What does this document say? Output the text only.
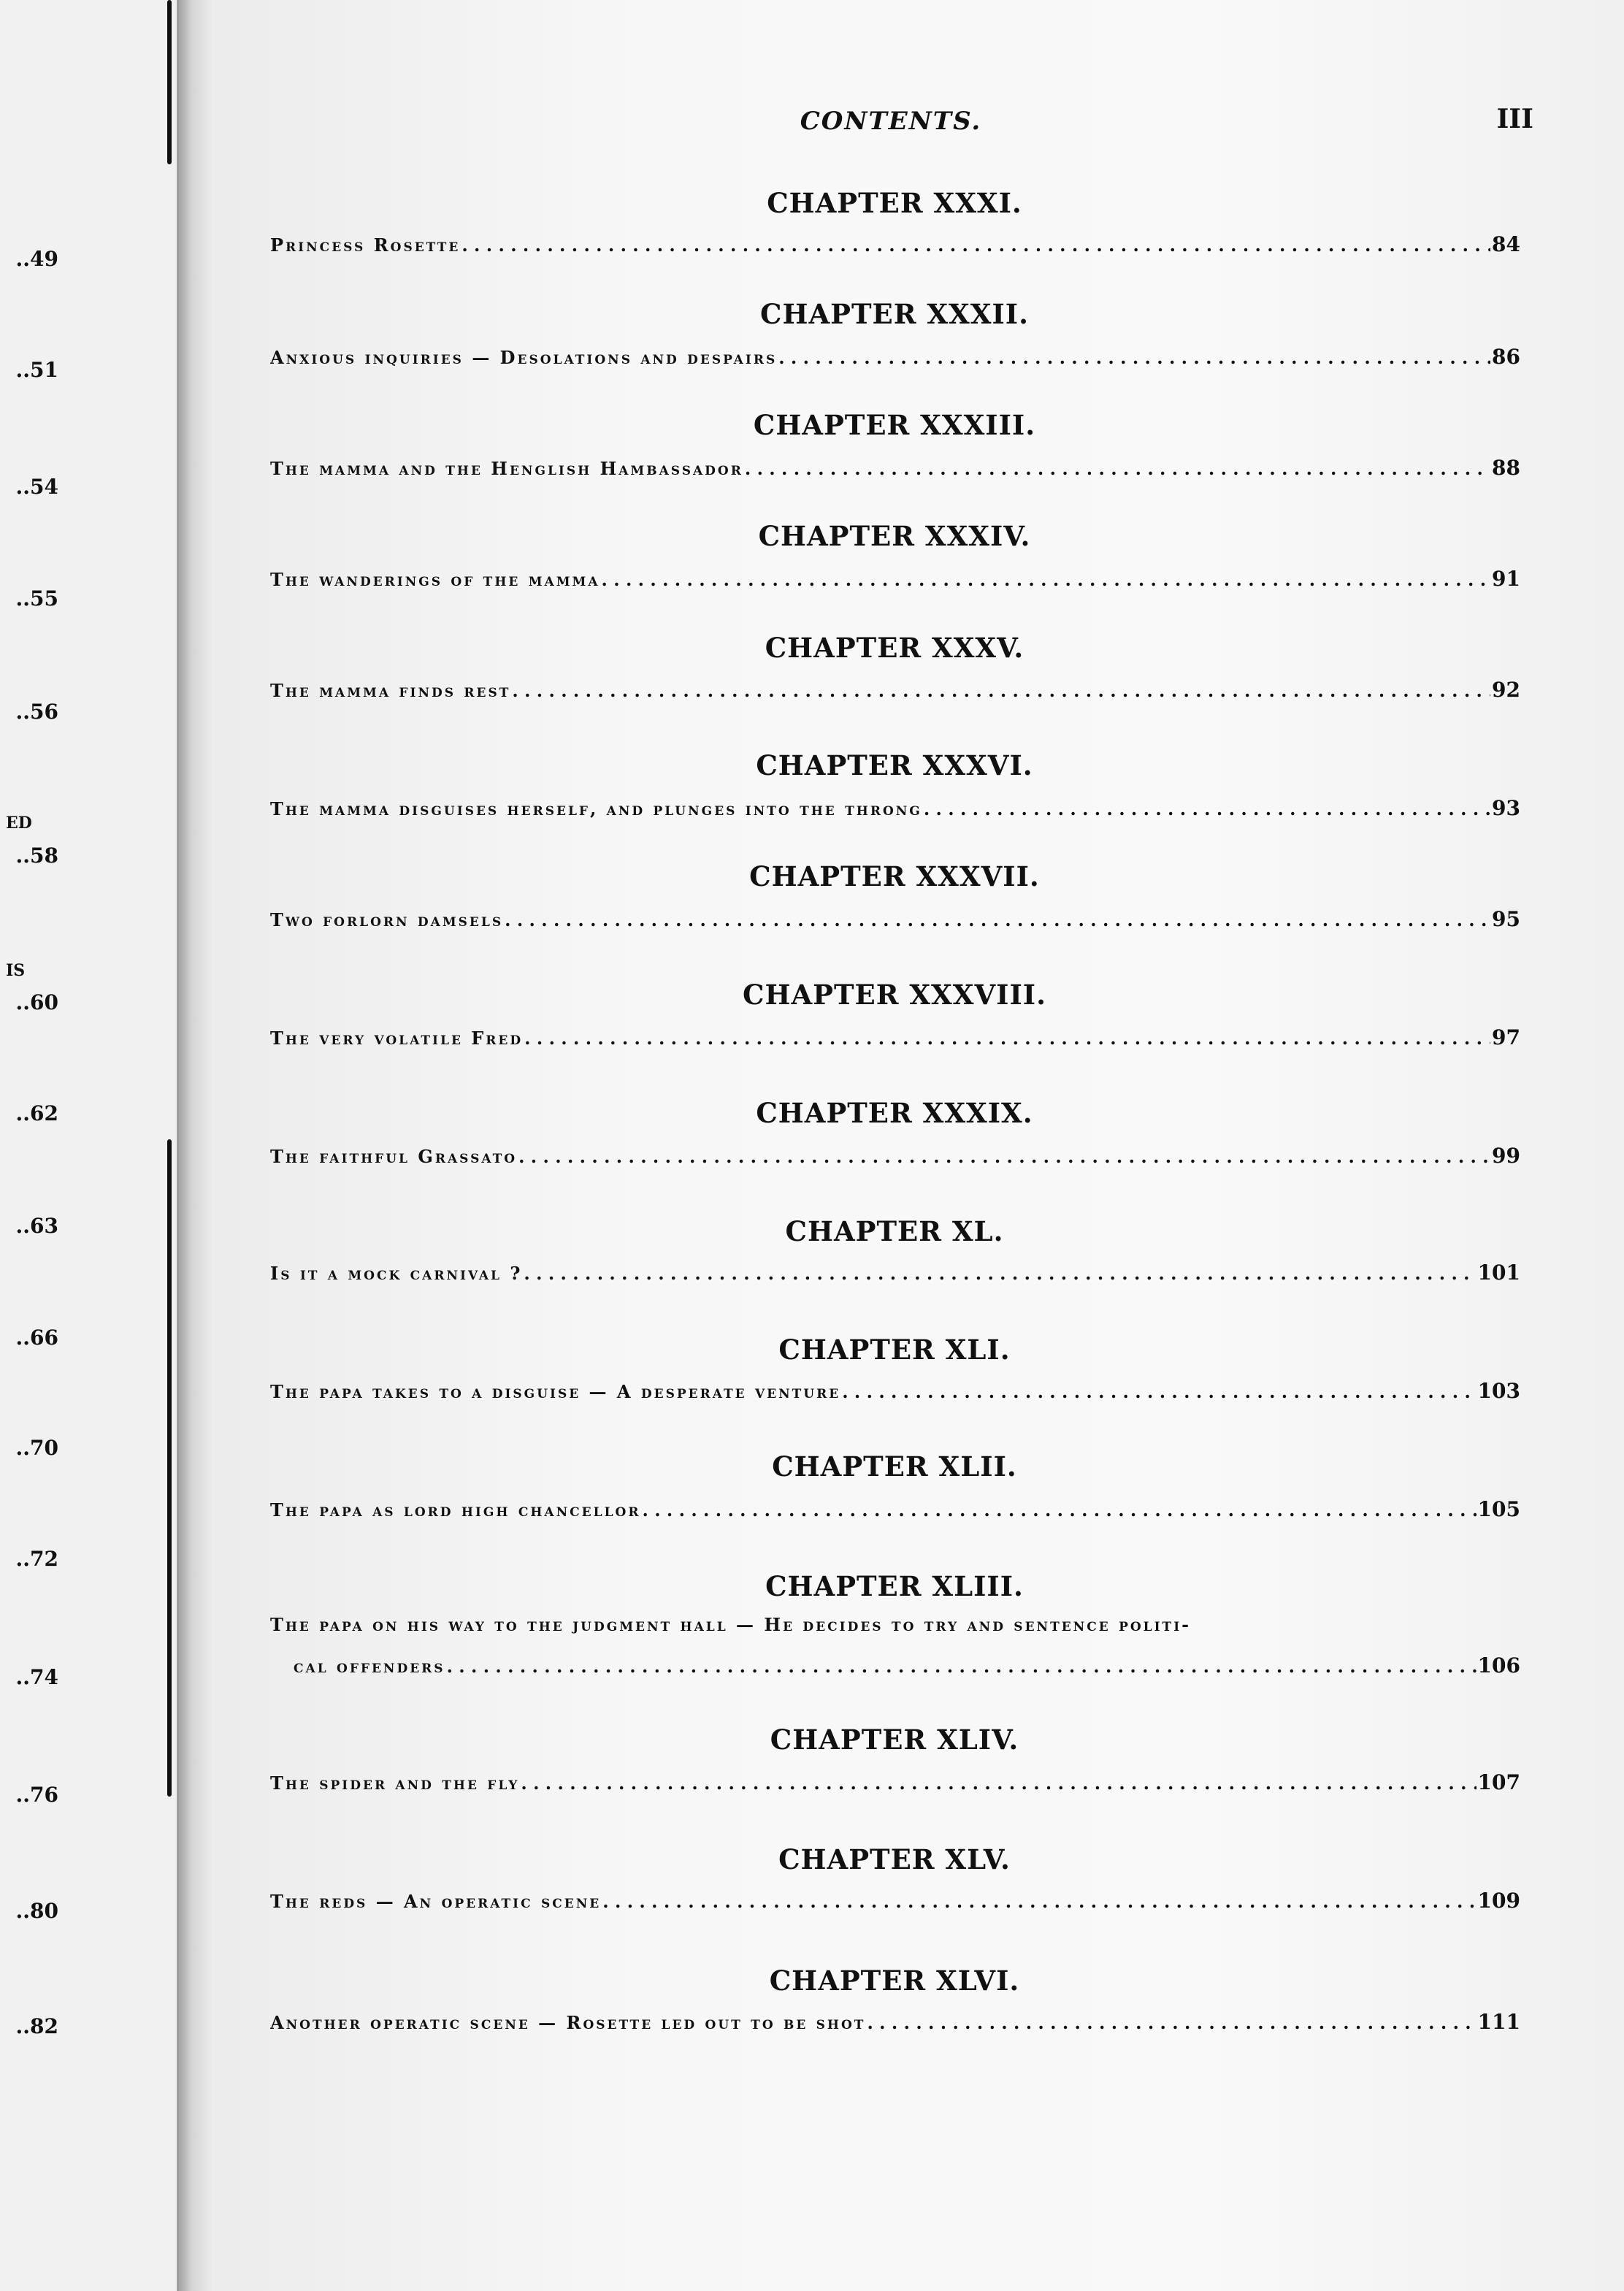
..49
..51
..54
..55
..56
ED
..58
IS
..60
..62
..63
..66
..70
..72
..74
..76
..80
..82
CONTENTS.	III
CHAPTER XXXI.
Princess Rosette . . .	84
CHAPTER XXXII.
Anxious inquiries — Desolations and despairs . . .	86
CHAPTER XXXIII.
The mamma and the Henglish Hambassador . . .	88
CHAPTER XXXIV.
The wanderings of the mamma . . .	91
CHAPTER XXXV.
The mamma finds rest . . .	92
CHAPTER XXXVI.
The mamma disguises herself, and plunges into the throng . . .	93
CHAPTER XXXVII.
Two forlorn damsels . . .	95
CHAPTER XXXVIII.
The very volatile Fred . . .	97
CHAPTER XXXIX.
The faithful Grassato . . .	99
CHAPTER XL.
Is it a mock carnival ? . . .	101
CHAPTER XLI.
The papa takes to a disguise — A desperate venture . . .	103
CHAPTER XLII.
The papa as lord high chancellor . . .	105
CHAPTER XLIII.
The papa on his way to the judgment hall — He decides to try and sentence politi-
cal offenders . . .	106
CHAPTER XLIV.
The spider and the fly . . .	107
CHAPTER XLV.
The reds — An operatic scene . . .	109
CHAPTER XLVI.
Another operatic scene — Rosette led out to be shot . . .	111
